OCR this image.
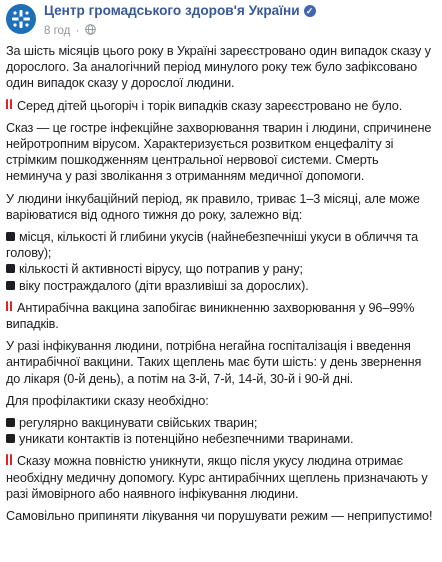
Центр громадського здоров'я України ✓
8 год ·

За шість місяців цього року в Україні зареєстровано один випадок сказу у дорослого. За аналогічний період минулого року теж було зафіксовано один випадок сказу у дорослої людини.

Серед дітей цьогоріч і торік випадків сказу зареєстровано не було.

Сказ — це гостре інфекційне захворювання тварин і людини, спричинене нейротропним вірусом. Характеризується розвитком енцефаліту зі стрімким пошкодженням центральної нервової системи. Смерть неминуча у разі зволікання з отриманням медичної допомоги.

У людини інкубаційний період, як правило, триває 1–3 місяці, але може варіюватися від одного тижня до року, залежно від:

місця, кількості й глибини укусів (найнебезпечніші укуси в обличчя та голову);

кількості й активності вірусу, що потрапив у рану;

віку постраждалого (діти вразливіші за дорослих).

Антирабічна вакцина запобігає виникненню захворювання у 96–99% випадків.

У разі інфікування людини, потрібна негайна госпіталізація і введення антирабічної вакцини. Таких щеплень має бути шість: у день звернення до лікаря (0-й день), а потім на 3-й, 7-й, 14-й, 30-й і 90-й дні.

Для профілактики сказу необхідно:

регулярно вакцинувати свійських тварин;

уникати контактів із потенційно небезпечними тваринами.

Сказу можна повністю уникнути, якщо після укусу людина отримає необхідну медичну допомогу. Курс антирабічних щеплень призначають у разі ймовірного або наявного інфікування людини.

Самовільно припиняти лікування чи порушувати режим — неприпустимо!
